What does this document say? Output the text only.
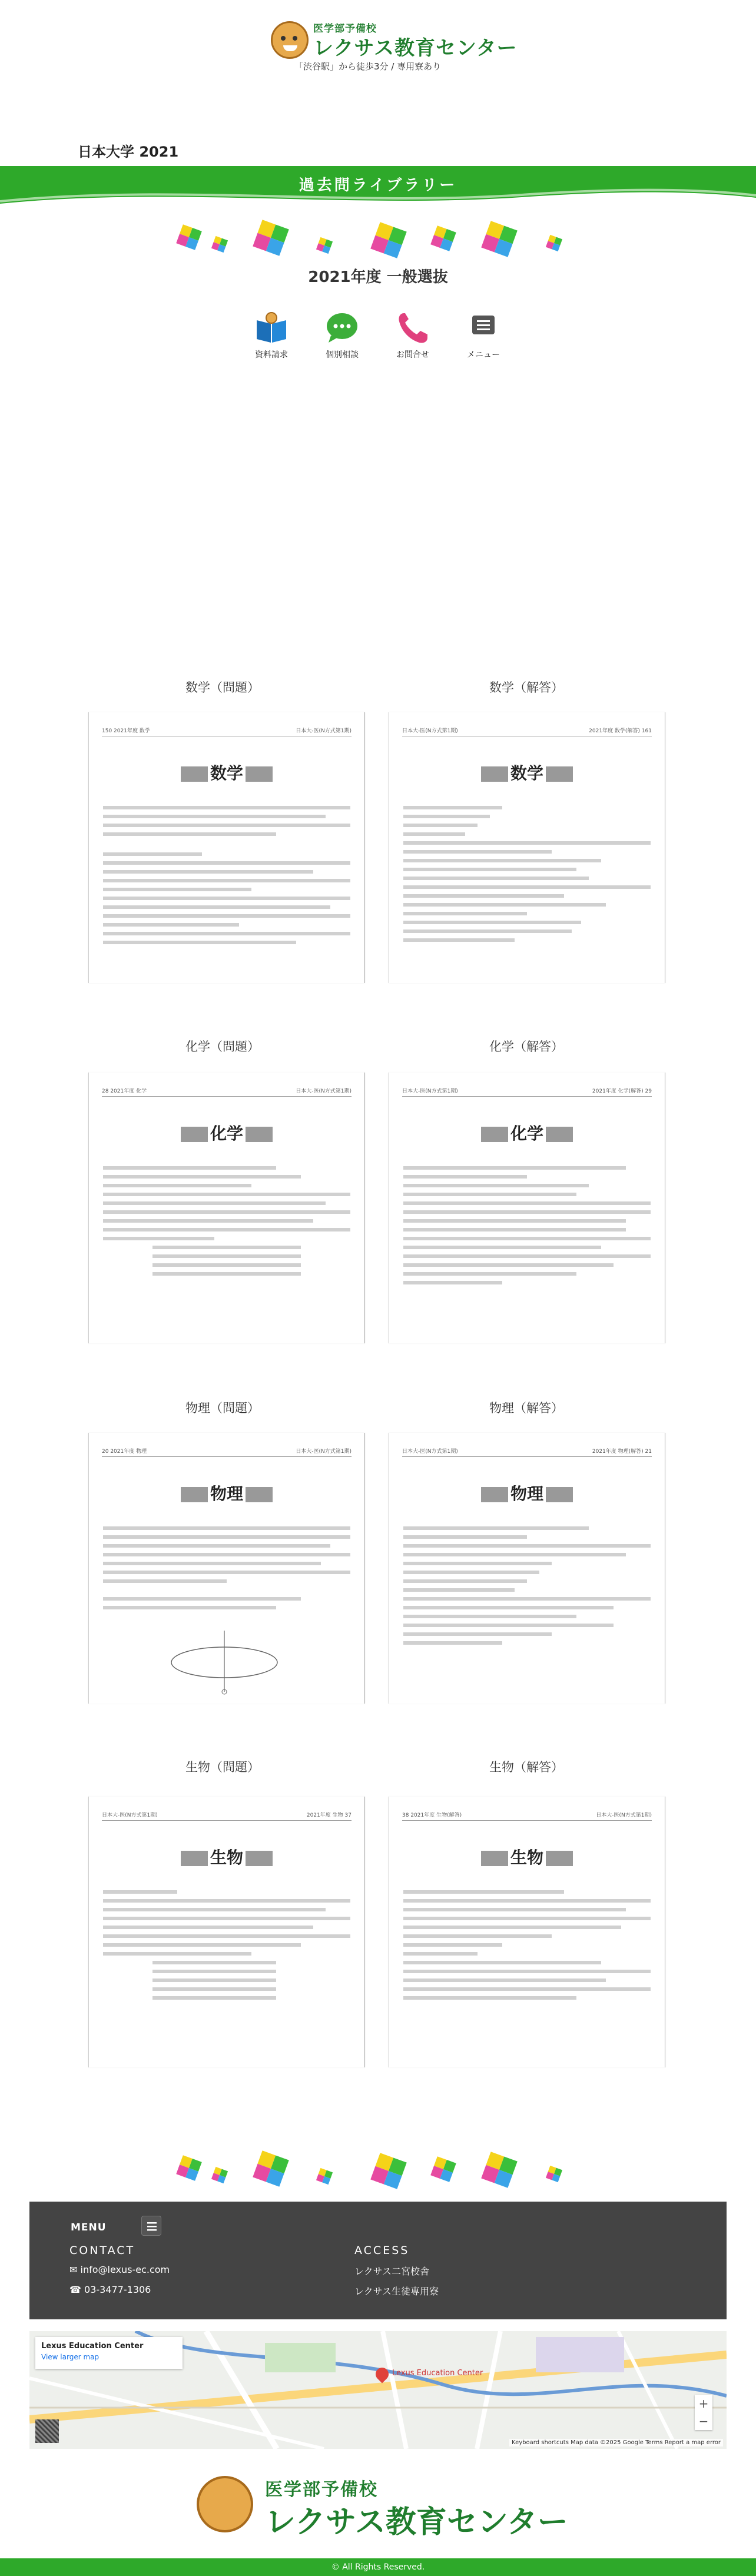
医学部予備校
レクサス教育センター
「渋谷駅」から徒歩3分 / 専用寮あり
日本大学 2021
過去問ライブラリー
2021年度 一般選抜
資料請求	個別相談	お問合せ	メニュー
数学（問題）	数学（解答）
150 2021年度 数学	日本大-医(N方式第1期)
数学
日本大-医(N方式第1期)	2021年度 数学(解答) 161
数学
化学（問題）	化学（解答）
28 2021年度 化学	日本大-医(N方式第1期)
化学
日本大-医(N方式第1期)	2021年度 化学(解答) 29
化学
物理（問題）	物理（解答）
20 2021年度 物理	日本大-医(N方式第1期)
物理
日本大-医(N方式第1期)	2021年度 物理(解答) 21
物理
生物（問題）	生物（解答）
日本大-医(N方式第1期)	2021年度 生物 37
生物
38 2021年度 生物(解答)	日本大-医(N方式第1期)
生物
MENU
CONTACT
✉ info@lexus-ec.com
☎ 03-3477-1306
ACCESS
レクサス二宮校舎
レクサス生徒専用寮
Lexus Education Center
Lexus Education Center
View larger map
+
−
Keyboard shortcuts Map data ©2025 Google Terms Report a map error
医学部予備校
レクサス教育センター
© All Rights Reserved.
